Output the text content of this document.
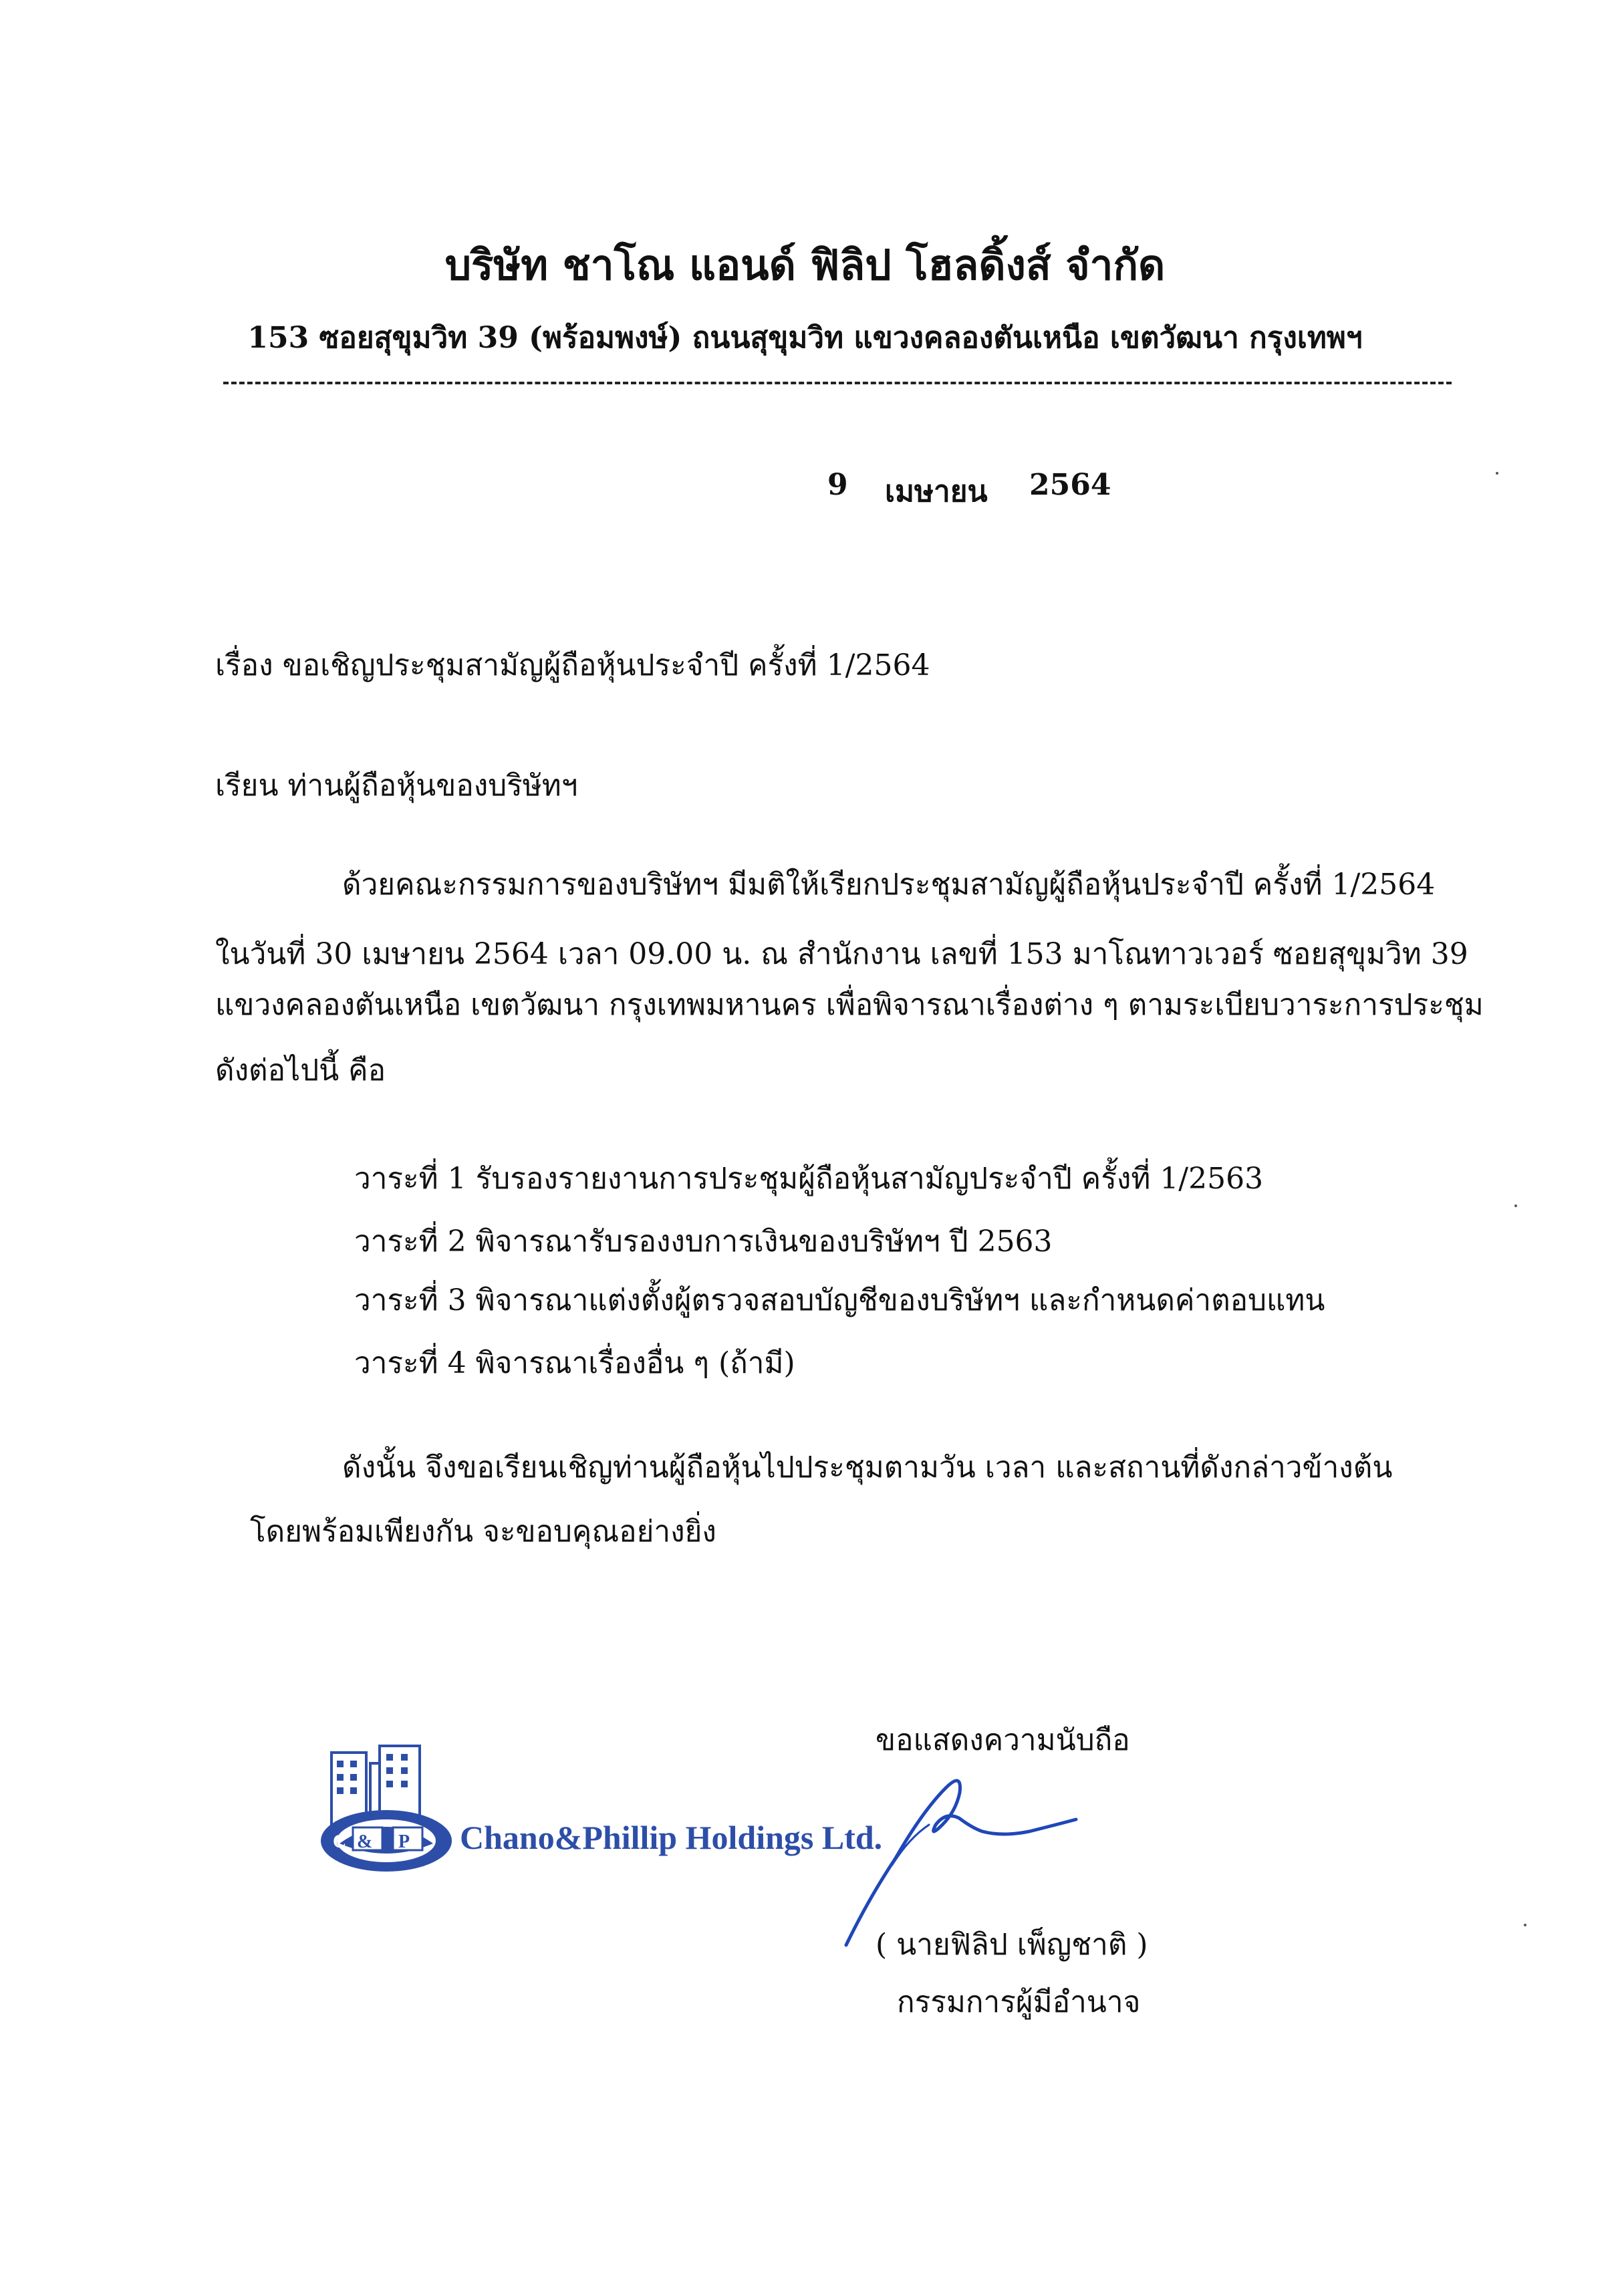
บริษัท ชาโณ แอนด์ ฟิลิป โฮลดิ้งส์ จำกัด
153 ซอยสุขุมวิท 39 (พร้อมพงษ์) ถนนสุขุมวิท แขวงคลองตันเหนือ เขตวัฒนา กรุงเทพฯ
9 เมษายน 2564
เรื่อง ขอเชิญประชุมสามัญผู้ถือหุ้นประจำปี ครั้งที่ 1/2564
เรียน ท่านผู้ถือหุ้นของบริษัทฯ
ด้วยคณะกรรมการของบริษัทฯ มีมติให้เรียกประชุมสามัญผู้ถือหุ้นประจำปี ครั้งที่ 1/2564
ในวันที่ 30 เมษายน 2564 เวลา 09.00 น. ณ สำนักงาน เลขที่ 153 มาโณทาวเวอร์ ซอยสุขุมวิท 39
แขวงคลองตันเหนือ เขตวัฒนา กรุงเทพมหานคร เพื่อพิจารณาเรื่องต่าง ๆ ตามระเบียบวาระการประชุม
ดังต่อไปนี้ คือ
วาระที่ 1 รับรองรายงานการประชุมผู้ถือหุ้นสามัญประจำปี ครั้งที่ 1/2563
วาระที่ 2 พิจารณารับรองงบการเงินของบริษัทฯ ปี 2563
วาระที่ 3 พิจารณาแต่งตั้งผู้ตรวจสอบบัญชีของบริษัทฯ และกำหนดค่าตอบแทน
วาระที่ 4 พิจารณาเรื่องอื่น ๆ (ถ้ามี)
ดังนั้น จึงขอเรียนเชิญท่านผู้ถือหุ้นไปประชุมตามวัน เวลา และสถานที่ดังกล่าวข้างต้น
โดยพร้อมเพียงกัน จะขอบคุณอย่างยิ่ง
ขอแสดงความนับถือ
& P
C	Chano&Phillip Holdings Ltd.
( นายฟิลิป เพ็ญชาติ )
กรรมการผู้มีอำนาจ
